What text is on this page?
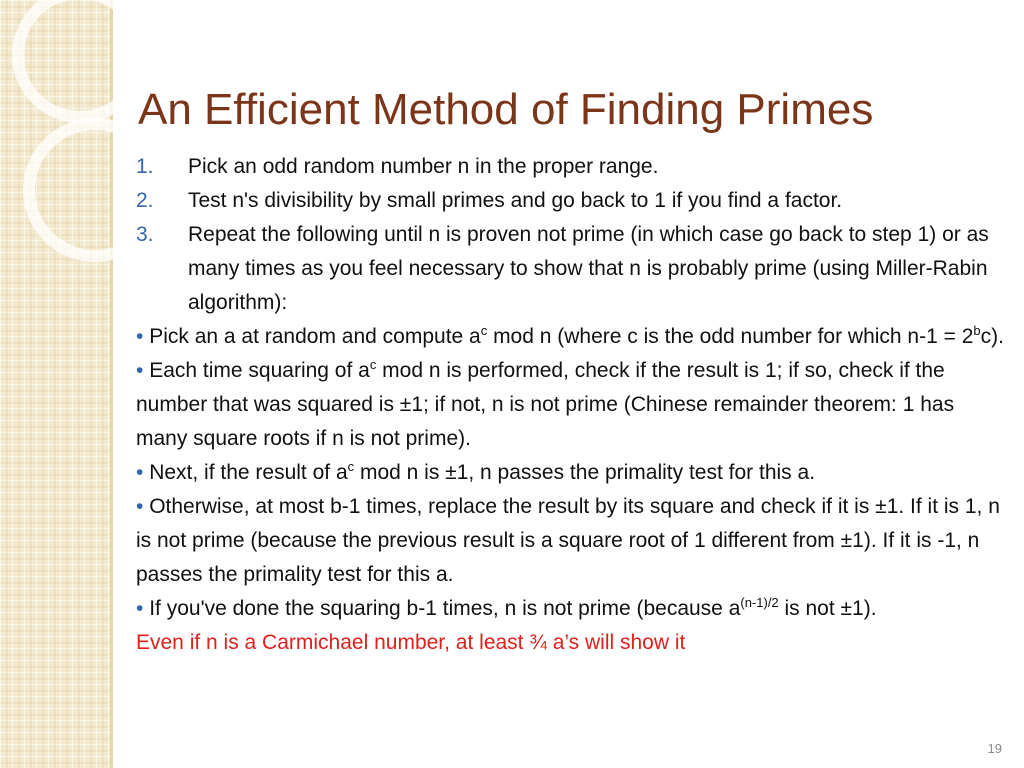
An Efficient Method of Finding Primes
1. Pick an odd random number n in the proper range.
2. Test n's divisibility by small primes and go back to 1 if you find a factor.
3. Repeat the following until n is proven not prime (in which case go back to step 1) or as many times as you feel necessary to show that n is probably prime (using Miller-Rabin algorithm):
• Pick an a at random and compute $a^c$ mod n (where c is the odd number for which $n-1 = 2^bc$).
• Each time squaring of $a^c$ mod n is performed, check if the result is 1; if so, check if the number that was squared is ±1; if not, n is not prime (Chinese remainder theorem: 1 has many square roots if n is not prime).
• Next, if the result of $a^c$ mod n is ±1, n passes the primality test for this a.
• Otherwise, at most b-1 times, replace the result by its square and check if it is ±1. If it is 1, n is not prime (because the previous result is a square root of 1 different from ±1). If it is -1, n passes the primality test for this a.
• If you've done the squaring b-1 times, n is not prime (because $a^{(n-1)/2}$ is not ±1).
Even if n is a Carmichael number, at least ¾ a’s will show it
19
